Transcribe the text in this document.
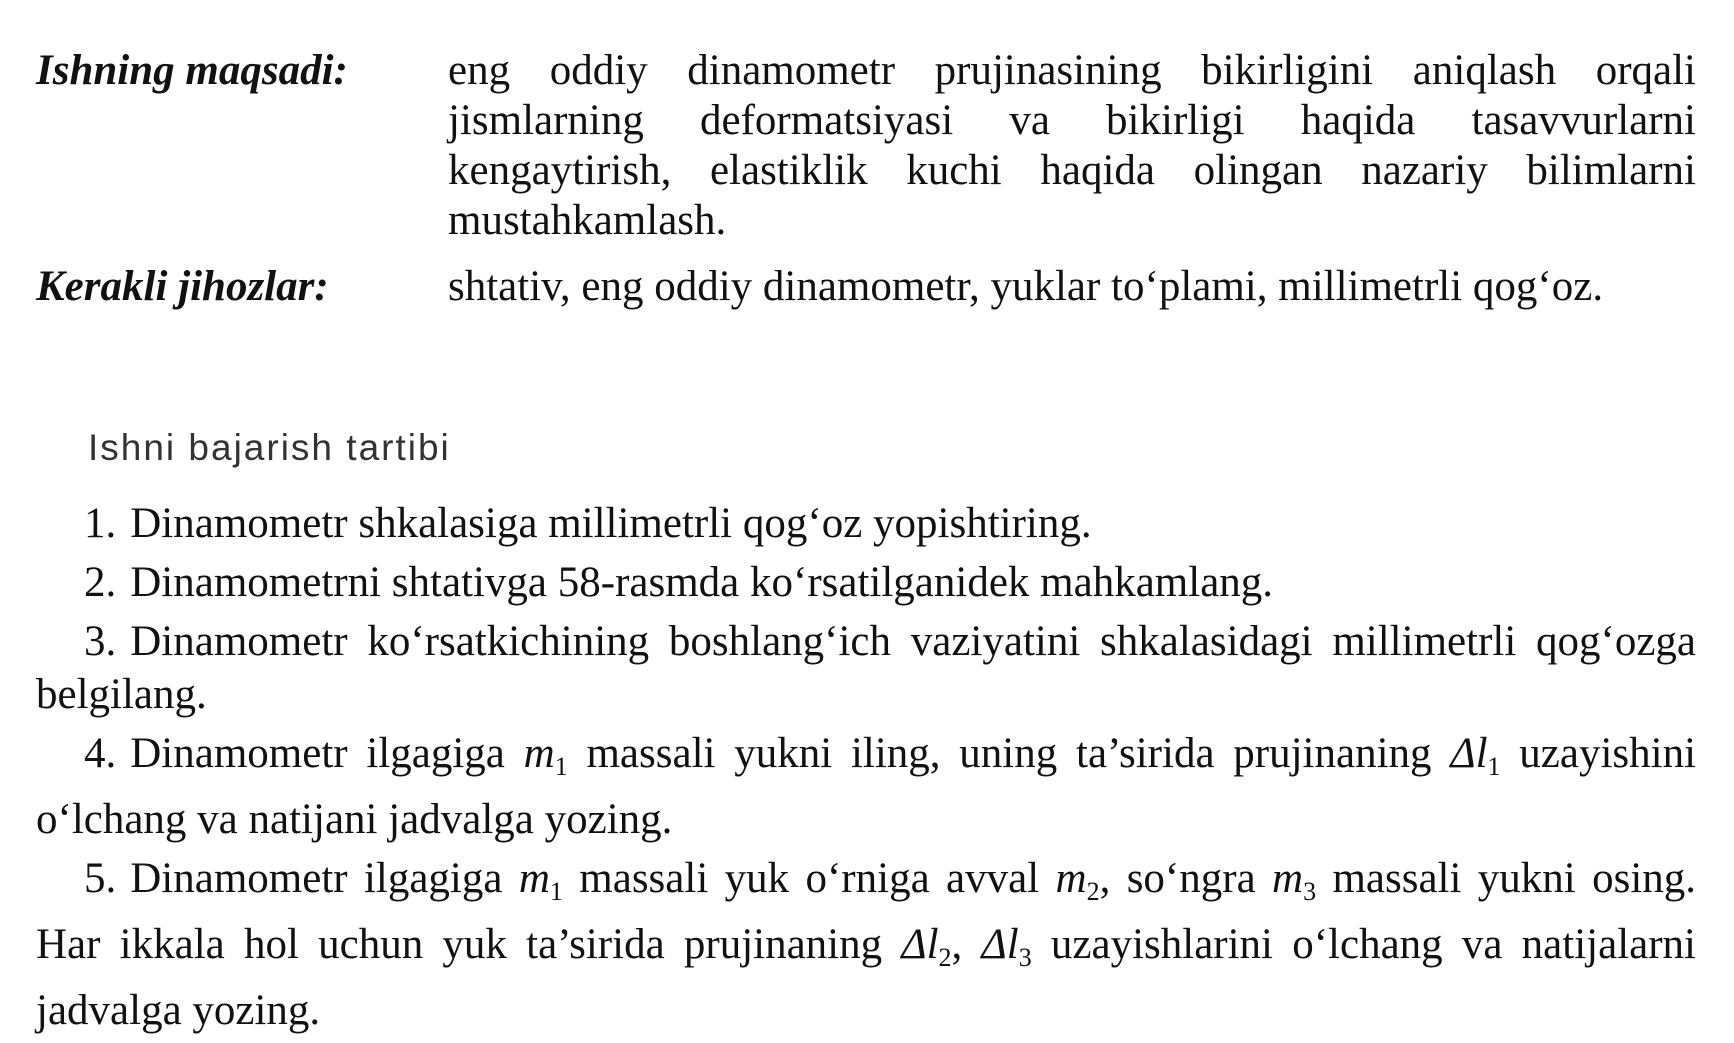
Ishning maqsadi:	eng oddiy dinamometr prujinasining bikirligini aniqlash orqali jismlarning deformatsiyasi va bikirligi haqida tasavvurlarni kengaytirish, elastiklik kuchi haqida olingan nazariy bilimlarni mustahkamlash.
Kerakli jihozlar:	shtativ, eng oddiy dinamometr, yuklar to‘plami, millimetrli qog‘oz.
Ishni bajarish tartibi
1. Dinamometr shkalasiga millimetrli qog‘oz yopishtiring.
2. Dinamometrni shtativga 58-rasmda ko‘rsatilganidek mahkamlang.
3. Dinamometr ko‘rsatkichining boshlang‘ich vaziyatini shkalasidagi millimetrli qog‘ozga belgilang.
4. Dinamometr ilgagiga $m_1$ massali yukni iling, uning ta’sirida prujinaning $\Delta l_1$ uzayishini o‘lchang va natijani jadvalga yozing.
5. Dinamometr ilgagiga $m_1$ massali yuk o‘rniga avval $m_2$, so‘ngra $m_3$ massali yukni osing. Har ikkala hol uchun yuk ta’sirida prujinaning $\Delta l_2$, $\Delta l_3$ uzayishlarini o‘lchang va natijalarni jadvalga yozing.
